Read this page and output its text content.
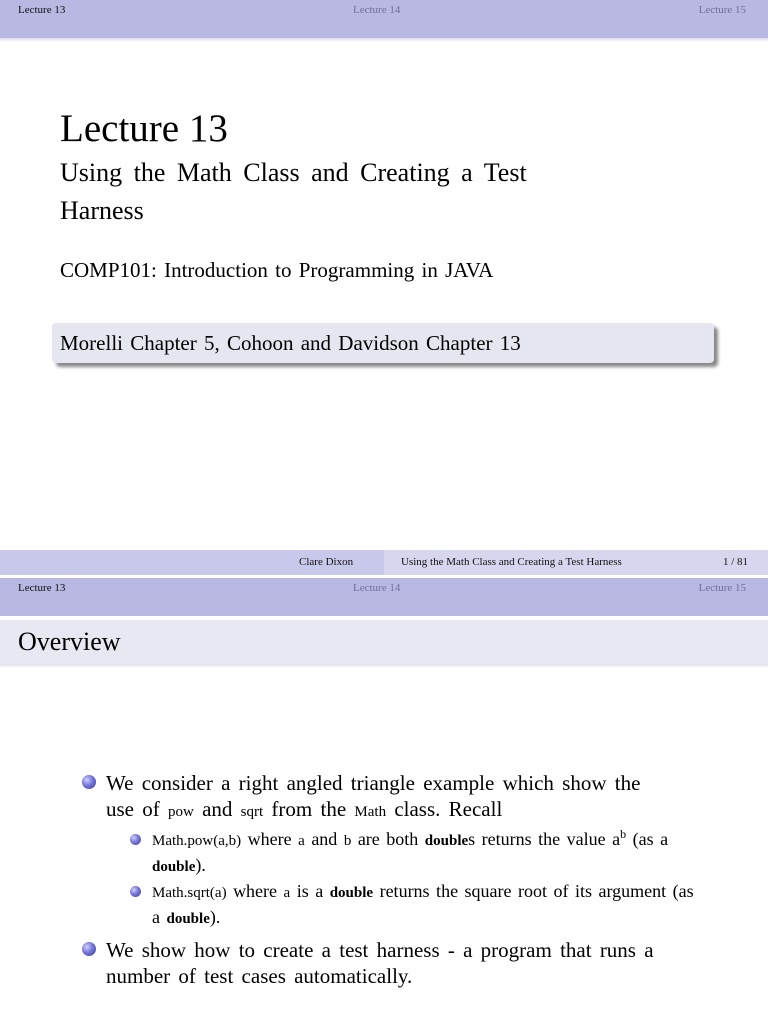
Lecture 13	Lecture 14	Lecture 15
Lecture 13
Using the Math Class and Creating a Test Harness
COMP101: Introduction to Programming in JAVA
Morelli Chapter 5, Cohoon and Davidson Chapter 13
Clare Dixon	Using the Math Class and Creating a Test Harness	1 / 81
Lecture 13	Lecture 14	Lecture 15
Overview
We consider a right angled triangle example which show the use of pow and sqrt from the Math class. Recall
Math.pow(a,b) where a and b are both doubles returns the value $a^b$ (as a double).
Math.sqrt(a) where a is a double returns the square root of its argument (as a double).
We show how to create a test harness - a program that runs a number of test cases automatically.
